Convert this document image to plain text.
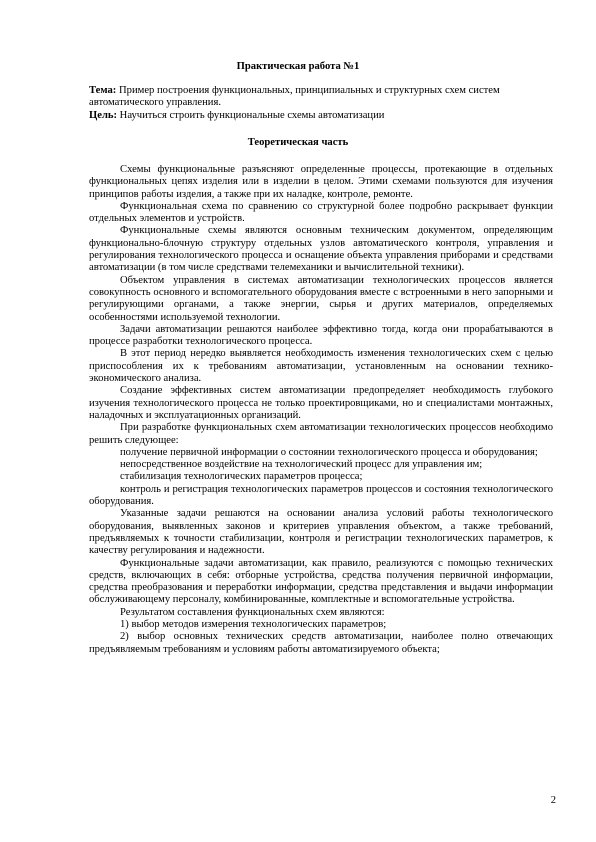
Практическая работа №1
Тема: Пример построения функциональных, принципиальных и структурных схем систем автоматического управления.
Цель: Научиться строить функциональные схемы автоматизации
Теоретическая часть

Схемы функциональные разъясняют определенные процессы, протекающие в отдельных функциональных цепях изделия или в изделии в целом. Этими схемами пользуются для изучения принципов работы изделия, а также при их наладке, контроле, ремонте.

Функциональная схема по сравнению со структурной более подробно раскрывает функции отдельных элементов и устройств.

Функциональные схемы являются основным техническим документом, определяющим функционально-блочную структуру отдельных узлов автоматического контроля, управления и регулирования технологического процесса и оснащение объекта управления приборами и средствами автоматизации (в том числе средствами телемеханики и вычислительной техники).

Объектом управления в системах автоматизации технологических процессов является совокупность основного и вспомогательного оборудования вместе с встроенными в него запорными и регулирующими органами, а также энергии, сырья и других материалов, определяемых особенностями используемой технологии.

Задачи автоматизации решаются наиболее эффективно тогда, когда они прорабатываются в процессе разработки технологического процесса.

В этот период нередко выявляется необходимость изменения технологических схем с целью приспособления их к требованиям автоматизации, установленным на основании технико-экономического анализа.

Создание эффективных систем автоматизации предопределяет необходимость глубокого изучения технологического процесса не только проектировщиками, но и специалистами монтажных, наладочных и эксплуатационных организаций.

При разработке функциональных схем автоматизации технологических процессов необходимо решить следующее:

получение первичной информации о состоянии технологического процесса и оборудования;

непосредственное воздействие на технологический процесс для управления им;

стабилизация технологических параметров процесса;

контроль и регистрация технологических параметров процессов и состояния технологического оборудования.

Указанные задачи решаются на основании анализа условий работы технологического оборудования, выявленных законов и критериев управления объектом, а также требований, предъявляемых к точности стабилизации, контроля и регистрации технологических параметров, к качеству регулирования и надежности.

Функциональные задачи автоматизации, как правило, реализуются с помощью технических средств, включающих в себя: отборные устройства, средства получения первичной информации, средства преобразования и переработки информации, средства представления и выдачи информации обслуживающему персоналу, комбинированные, комплектные и вспомогательные устройства.

Результатом составления функциональных схем являются:

1) выбор методов измерения технологических параметров;

2) выбор основных технических средств автоматизации, наиболее полно отвечающих предъявляемым требованиям и условиям работы автоматизируемого объекта;

2
